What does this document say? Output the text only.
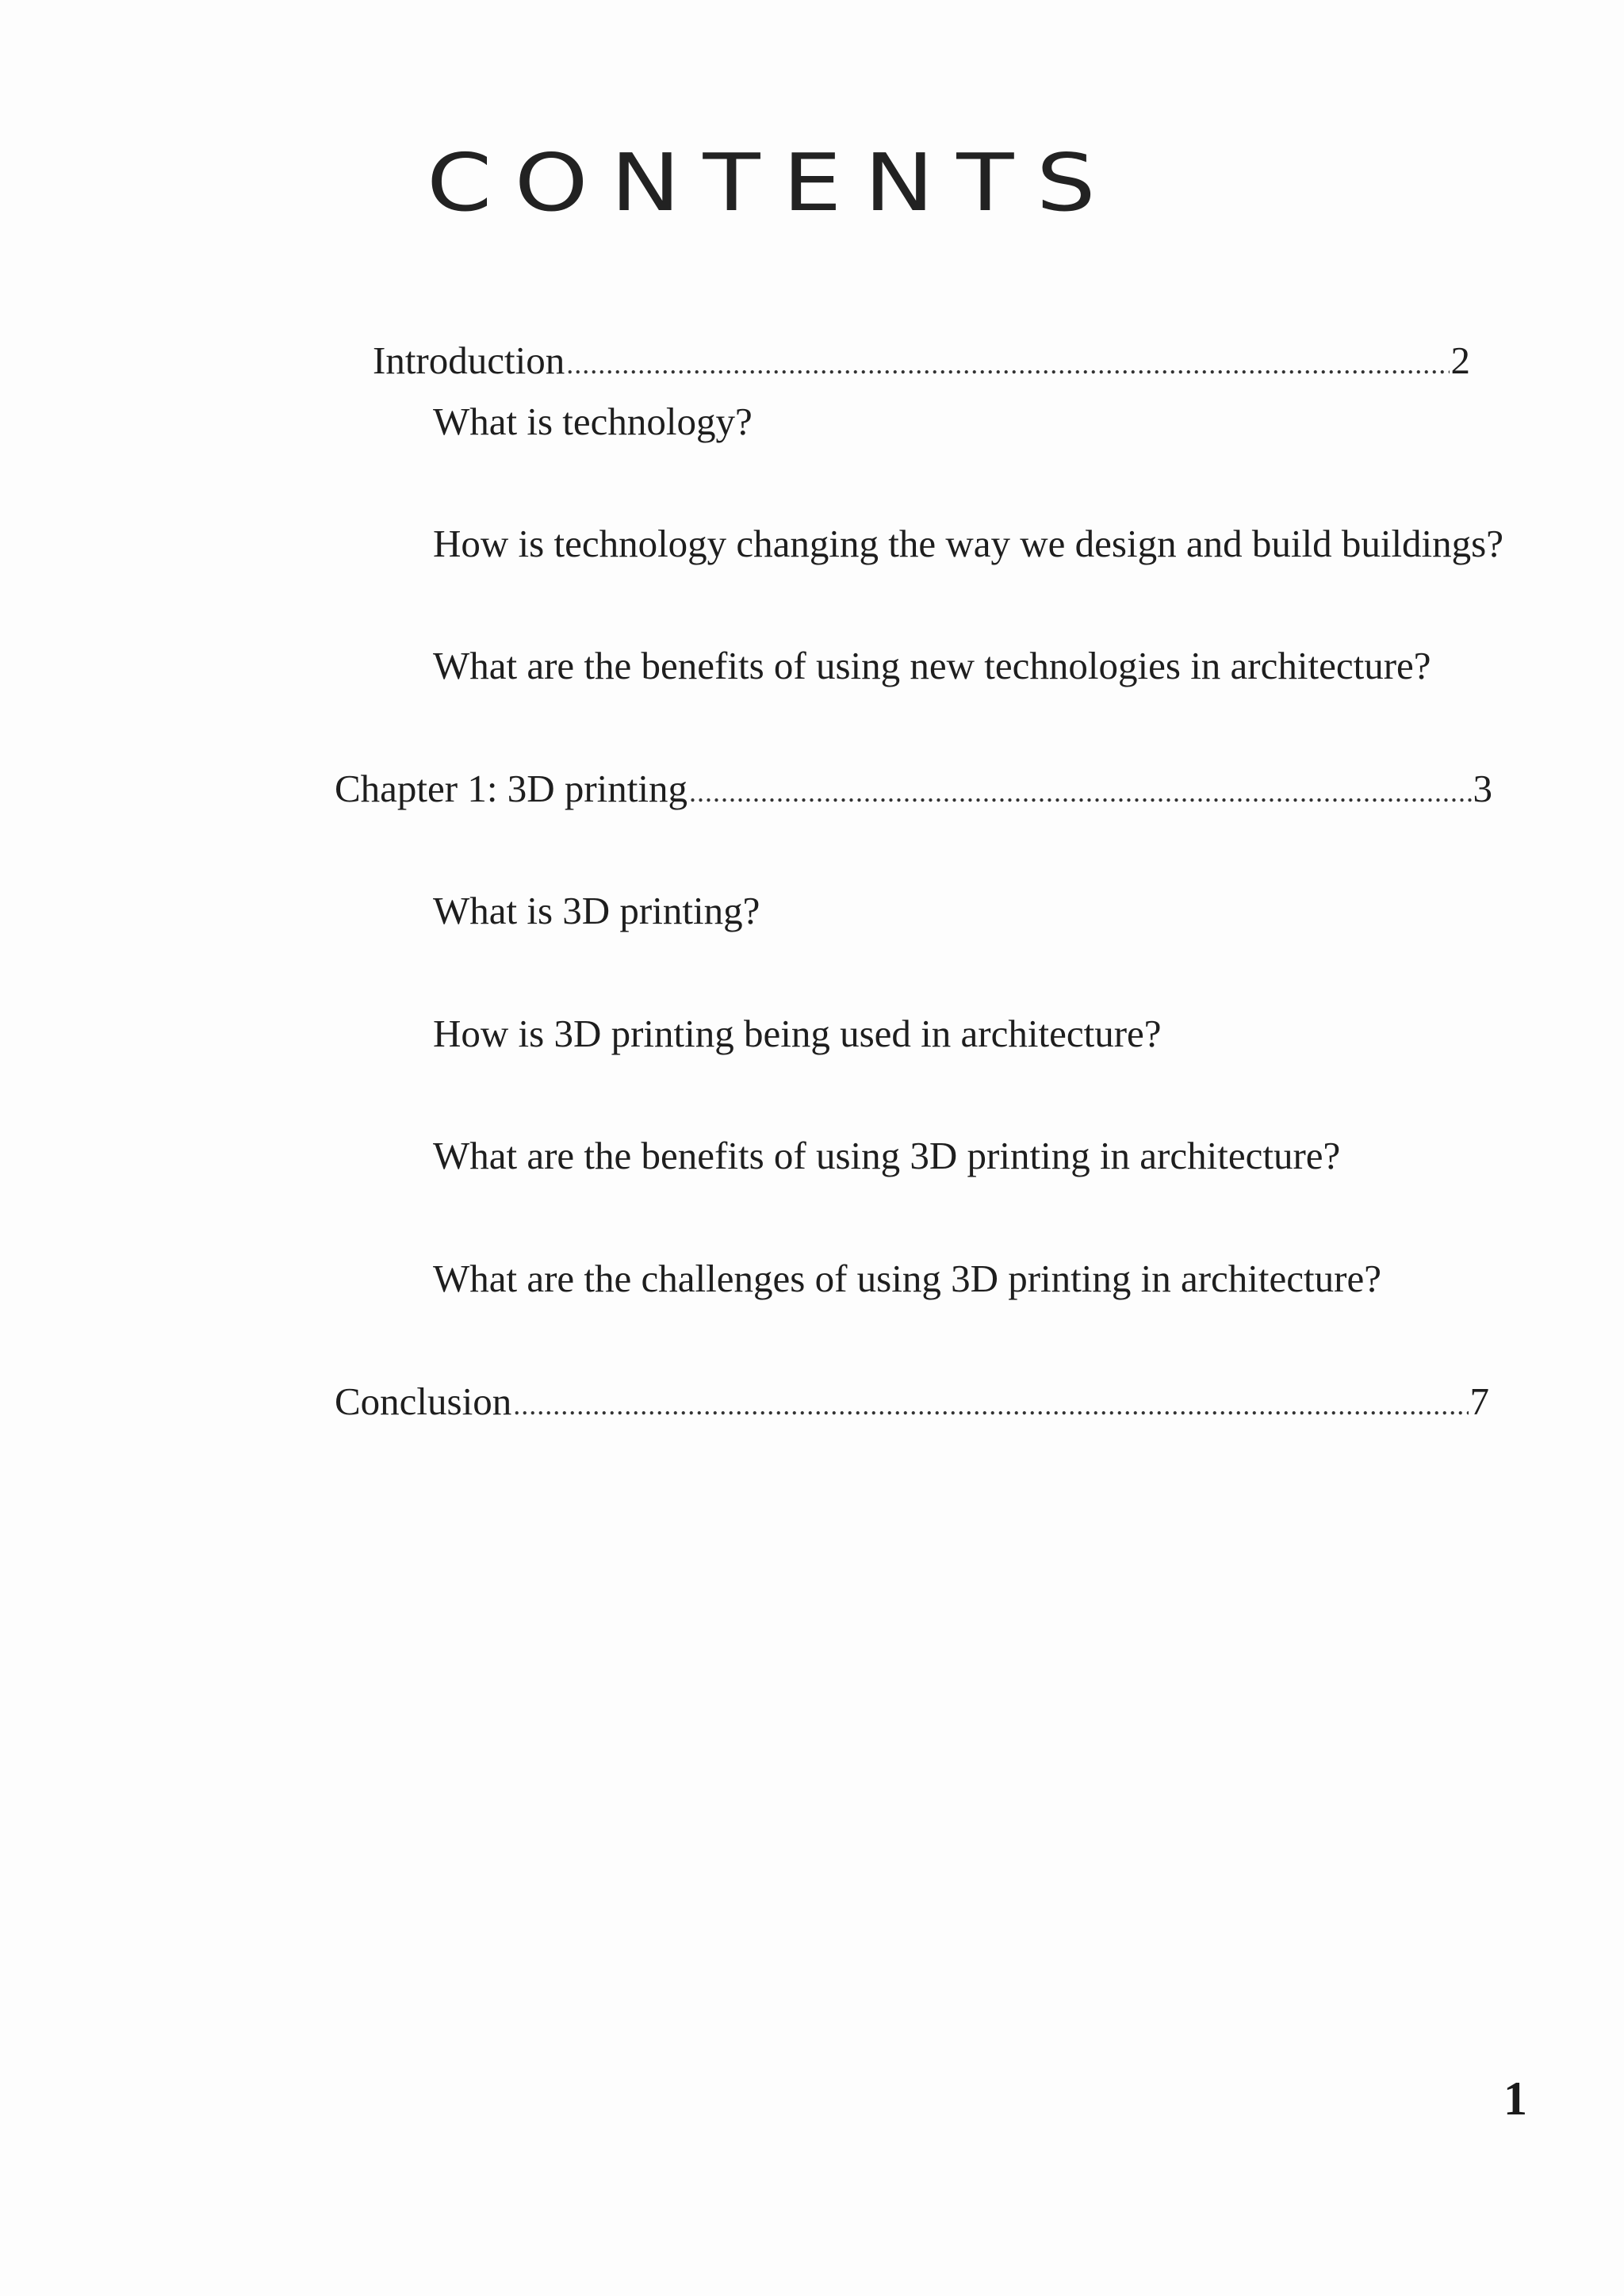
CONTENTS
Introduction .....	2
What is technology?
How is technology changing the way we design and build buildings?
What are the benefits of using new technologies in architecture?
Chapter 1: 3D printing .....	3
What is 3D printing?
How is 3D printing being used in architecture?
What are the benefits of using 3D printing in architecture?
What are the challenges of using 3D printing in architecture?
Conclusion .....	7
1
